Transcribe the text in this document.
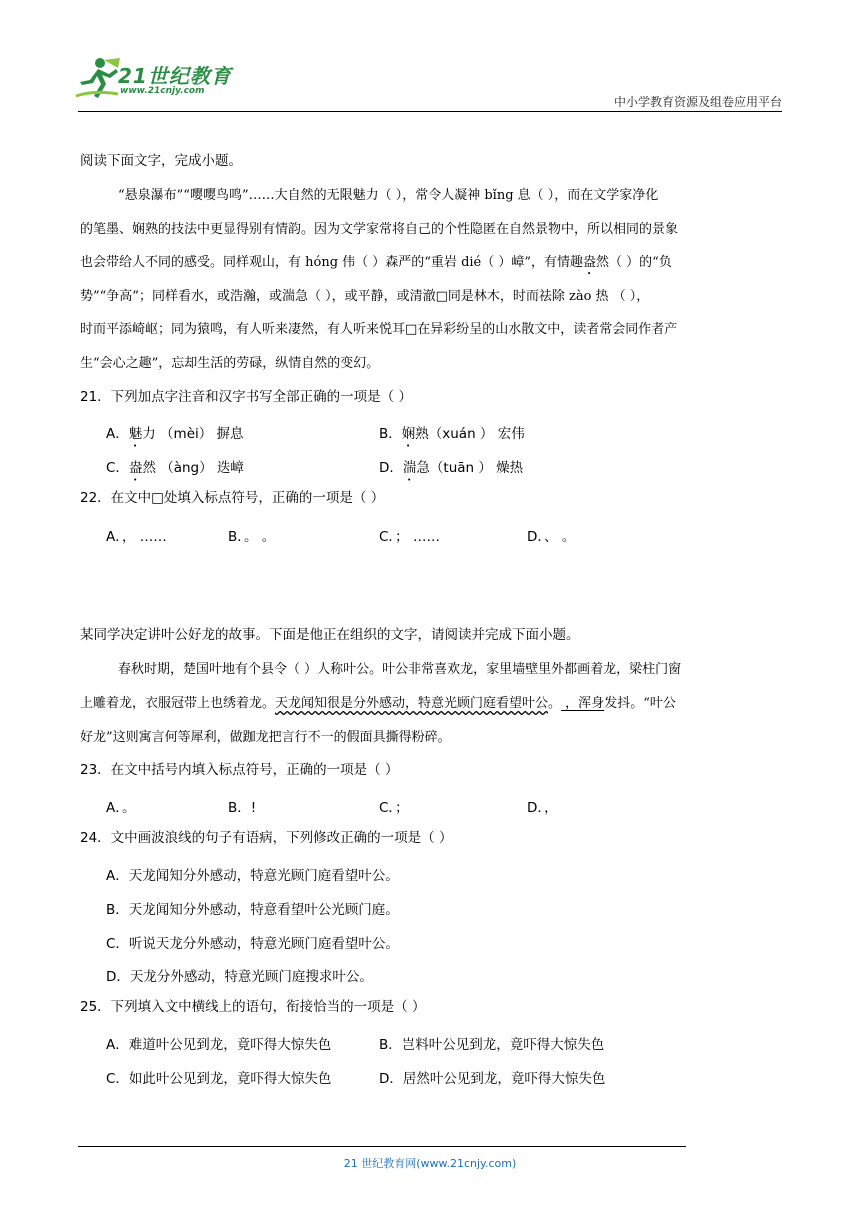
21世纪教育
www.21cnjy.com
中小学教育资源及组卷应用平台
阅读下面文字，完成小题。
“悬泉瀑布”“嘤嘤鸟鸣”……大自然的无限魅力（ ），常令人凝神 bǐng 息（ ），而在文学家净化
的笔墨、娴熟的技法中更显得别有情韵。因为文学家常将自己的个性隐匿在自然景物中，所以相同的景象
也会带给人不同的感受。同样观山，有 hóng 伟（ ）森严的“重岩 dié（ ）嶂”，有情趣盎然（ ）的“负
势”“争高”；同样看水，或浩瀚，或湍急（ ），或平静，或清澈□同是林木，时而祛除 zào 热 （ ），
时而平添崎岖；同为猿鸣，有人听来凄然，有人听来悦耳□在异彩纷呈的山水散文中，读者常会同作者产
生“会心之趣”，忘却生活的劳碌，纵情自然的变幻。
21．下列加点字注音和汉字书写全部正确的一项是（ ）
A．魅力 （mèi） 摒息	B．娴熟（xuán ） 宏伟
C．盎然 （àng） 迭嶂	D．湍急（tuān ） 燥热
22．在文中□处填入标点符号，正确的一项是（ ）
A．， ……	B．。 。	C．； ……	D．、 。
某同学决定讲叶公好龙的故事。下面是他正在组织的文字，请阅读并完成下面小题。
春秋时期，楚国叶地有个县令（ ）人称叶公。叶公非常喜欢龙，家里墙壁里外都画着龙，梁柱门窗
上雕着龙，衣服冠带上也绣着龙。天龙闻知很是分外感动，特意光顾门庭看望叶公。 ，浑身发抖。“叶公
好龙”这则寓言何等犀利，做跏龙把言行不一的假面具撕得粉碎。
23．在文中括号内填入标点符号，正确的一项是（ ）
A．。	B．!	C．；	D．，
24．文中画波浪线的句子有语病，下列修改正确的一项是（ ）
A．天龙闻知分外感动，特意光顾门庭看望叶公。
B．天龙闻知分外感动，特意看望叶公光顾门庭。
C．听说天龙分外感动，特意光顾门庭看望叶公。
D．天龙分外感动，特意光顾门庭搜求叶公。
25．下列填入文中横线上的语句，衔接恰当的一项是（ ）
A．难道叶公见到龙，竟吓得大惊失色	B．岂料叶公见到龙，竟吓得大惊失色
C．如此叶公见到龙，竟吓得大惊失色	D．居然叶公见到龙，竟吓得大惊失色
21 世纪教育网(www.21cnjy.com)
